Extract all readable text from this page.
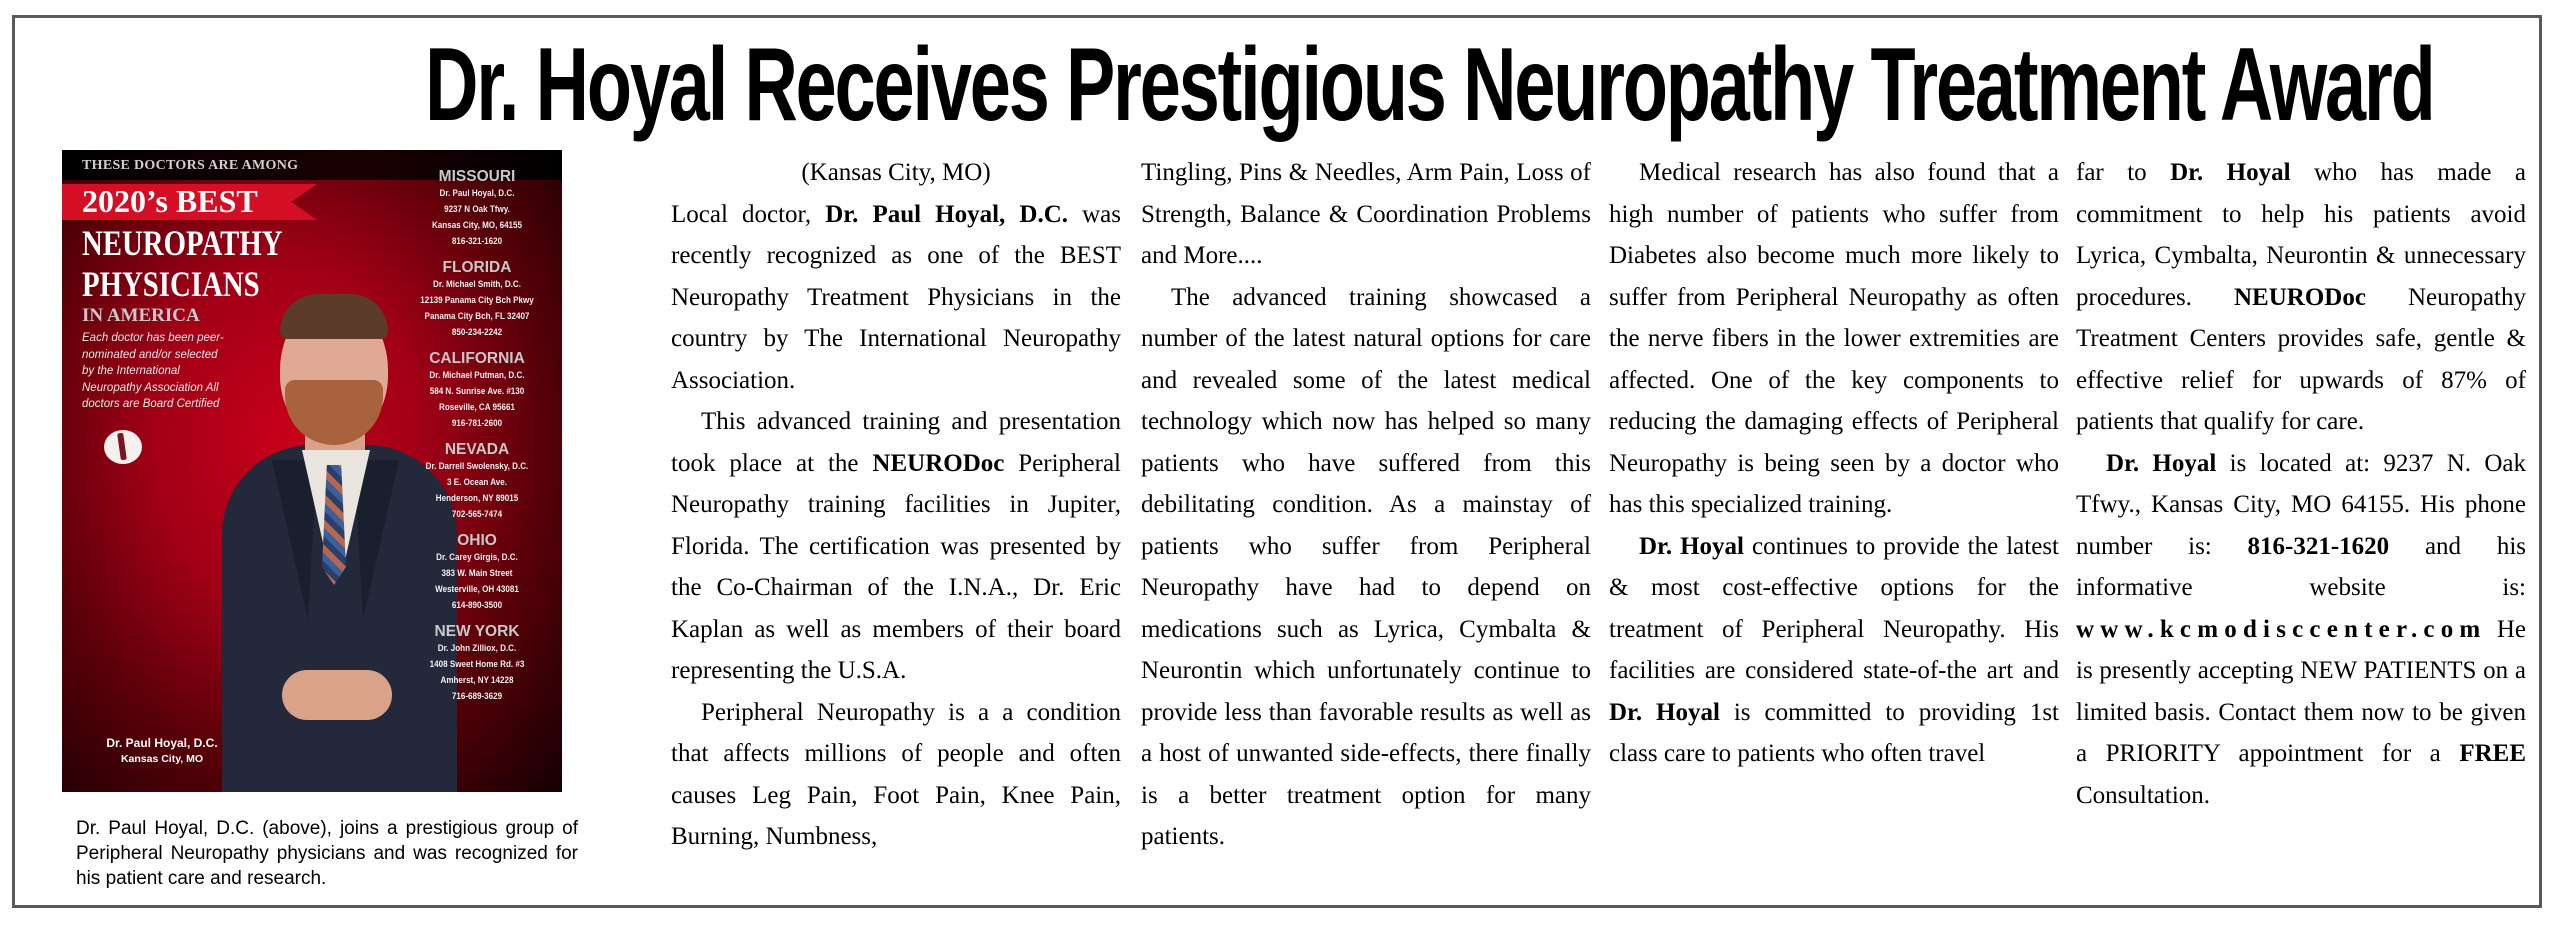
Dr. Hoyal Receives Prestigious Neuropathy Treatment Award
THESE DOCTORS ARE AMONG
2020’s BEST
NEUROPATHY
PHYSICIANS
IN AMERICA
Each doctor has been peer-nominated and/or selected by the International Neuropathy Association All doctors are Board Certified
MISSOURI
Dr. Paul Hoyal, D.C.
9237 N Oak Tfwy.
Kansas City, MO, 64155
816-321-1620
FLORIDA
Dr. Michael Smith, D.C.
12139 Panama City Bch Pkwy
Panama City Bch, FL 32407
850-234-2242
CALIFORNIA
Dr. Michael Putman, D.C.
584 N. Sunrise Ave. #130
Roseville, CA 95661
916-781-2600
NEVADA
Dr. Darrell Swolensky, D.C.
3 E. Ocean Ave.
Henderson, NY 89015
702-565-7474
OHIO
Dr. Carey Girgis, D.C.
383 W. Main Street
Westerville, OH 43081
614-890-3500
NEW YORK
Dr. John Zilliox, D.C.
1408 Sweet Home Rd. #3
Amherst, NY 14228
716-689-3629
Dr. Paul Hoyal, D.C.
Kansas City, MO
Dr. Paul Hoyal, D.C. (above), joins a prestigious group of Peripheral Neuropathy physicians and was recognized for his patient care and research.

(Kansas City, MO)

Local doctor, Dr. Paul Hoyal, D.C. was recently recognized as one of the BEST Neuropathy Treatment Physicians in the country by The International Neuropathy Association.

This advanced training and presentation took place at the NEURODoc Peripheral Neuropathy training facilities in Jupiter, Florida. The certification was presented by the Co-Chairman of the I.N.A., Dr. Eric Kaplan as well as members of their board representing the U.S.A.

Peripheral Neuropathy is a a condition that affects millions of people and often causes Leg Pain, Foot Pain, Knee Pain, Burning, Numbness,

Tingling, Pins & Needles, Arm Pain, Loss of Strength, Balance & Coordination Problems and More....

The advanced training showcased a number of the latest natural options for care and revealed some of the latest medical technology which now has helped so many patients who have suffered from this debilitating condition. As a mainstay of patients who suffer from Peripheral Neuropathy have had to depend on medications such as Lyrica, Cymbalta & Neurontin which unfortunately continue to provide less than favorable results as well as a host of unwanted side-effects, there finally is a better treatment option for many patients.

Medical research has also found that a high number of patients who suffer from Diabetes also become much more likely to suffer from Peripheral Neuropathy as often the nerve fibers in the lower extremities are affected. One of the key components to reducing the damaging effects of Peripheral Neuropathy is being seen by a doctor who has this specialized training.

Dr. Hoyal continues to provide the latest & most cost-effective options for the treatment of Peripheral Neuropathy. His facilities are considered state-of-the art and Dr. Hoyal is committed to providing 1st class care to patients who often travel

far to Dr. Hoyal who has made a commitment to help his patients avoid Lyrica, Cymbalta, Neurontin & unnecessary procedures. NEURODoc Neuropathy Treatment Centers provides safe, gentle & effective relief for upwards of 87% of patients that qualify for care.

Dr. Hoyal is located at: 9237 N. Oak Tfwy., Kansas City, MO 64155. His phone number is: 816-321-1620 and his informative website is: www.kcmodisccenter.com He is presently accepting NEW PATIENTS on a limited basis. Contact them now to be given a PRIORITY appointment for a FREE Consultation.
